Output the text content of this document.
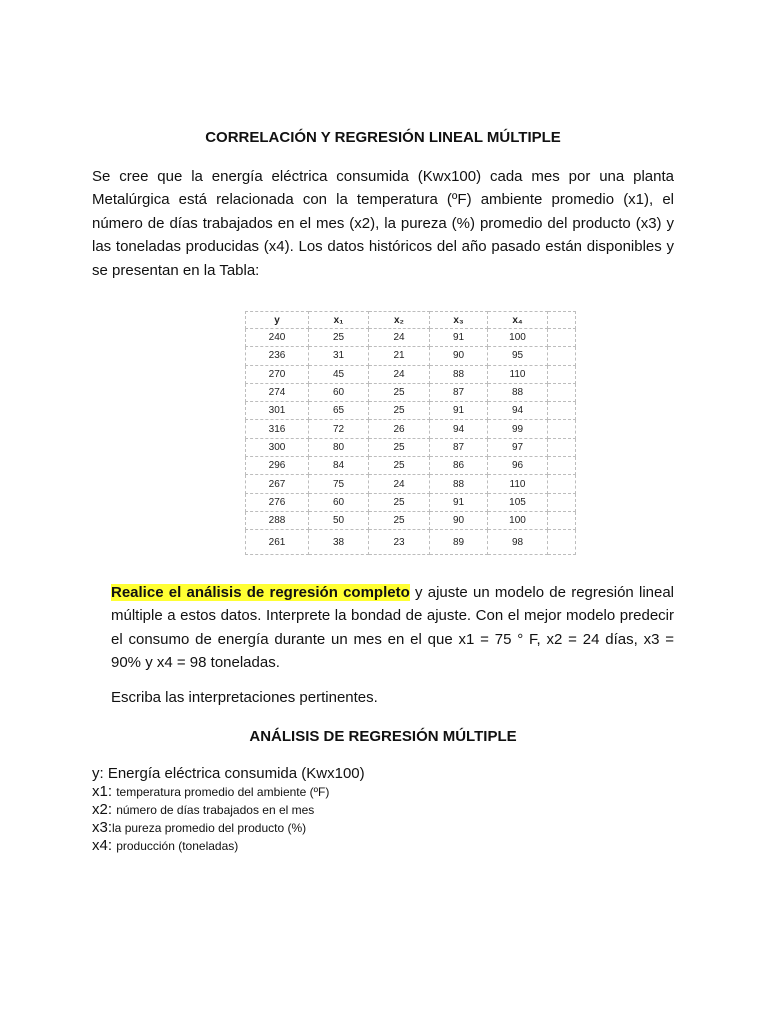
CORRELACIÓN Y REGRESIÓN LINEAL MÚLTIPLE

Se cree que la energía eléctrica consumida (Kwx100) cada mes por una planta Metalúrgica está relacionada con la temperatura (ºF) ambiente promedio (x1), el número de días trabajados en el mes (x2), la pureza (%) promedio del producto (x3) y las toneladas producidas (x4). Los datos históricos del año pasado están disponibles y se presentan en la Tabla:

y	x₁	x₂	x₃	x₄	
240	25	24	91	100	
236	31	21	90	95	
270	45	24	88	110	
274	60	25	87	88	
301	65	25	91	94	
316	72	26	94	99	
300	80	25	87	97	
296	84	25	86	96	
267	75	24	88	110	
276	60	25	91	105	
288	50	25	90	100	
261	38	23	89	98	

Realice el análisis de regresión completo y ajuste un modelo de regresión lineal múltiple a estos datos. Interprete la bondad de ajuste. Con el mejor modelo predecir el consumo de energía durante un mes en el que x1 = 75 ° F, x2 = 24 días, x3 = 90% y x4 = 98 toneladas.

Escriba las interpretaciones pertinentes.

ANÁLISIS DE REGRESIÓN MÚLTIPLE
y: Energía eléctrica consumida (Kwx100)
x1: temperatura promedio del ambiente (ºF)
x2: número de días trabajados en el mes
x3:la pureza promedio del producto (%)
x4: producción (toneladas)
